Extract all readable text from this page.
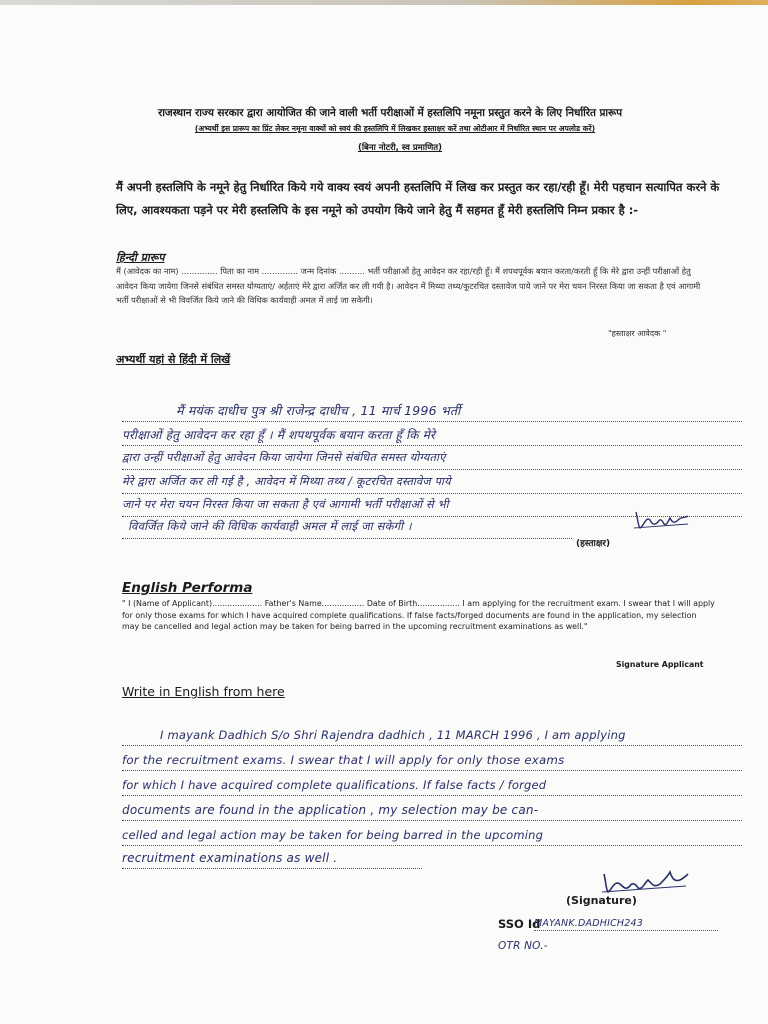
राजस्थान राज्य सरकार द्वारा आयोजित की जाने वाली भर्ती परीक्षाओं में हस्तलिपि नमूना प्रस्तुत करने के लिए निर्धारित प्रारूप
(अभ्यर्थी इस प्रारूप का प्रिंट लेकर नमूना वाक्यों को स्वयं की हस्तलिपि में लिखकर हस्ताक्षर करें तथा ओटीआर में निर्धारित स्थान पर अपलोड करें)
(बिना नोटरी, स्व प्रमाणित)
मैं अपनी हस्तलिपि के नमूने हेतु निर्धारित किये गये वाक्य स्वयं अपनी हस्तलिपि में लिख कर प्रस्तुत कर रहा/रही हूँ। मेरी पहचान सत्यापित करने के लिए, आवश्यकता पड़ने पर मेरी हस्तलिपि के इस नमूने को उपयोग किये जाने हेतु मैं सहमत हूँ मेरी हस्तलिपि निम्न प्रकार है :-
हिन्दी प्रारूप
मैं (आवेदक का नाम) .............. पिता का नाम .............. जन्म दिनांक .......... भर्ती परीक्षाओं हेतु आवेदन कर रहा/रही हूँ। मैं शपथपूर्वक बयान करता/करती हूँ कि मेरे द्वारा उन्हीं परीक्षाओं हेतु आवेदन किया जायेगा जिनसे संबंधित समस्त योग्यताएं/ अर्हताएं मेरे द्वारा अर्जित कर ली गयी है। आवेदन में मिथ्या तथ्य/कूटरचित दस्तावेज पाये जाने पर मेरा चयन निरस्त किया जा सकता है एवं आगामी भर्ती परीक्षाओं से भी विवर्जित किये जाने की विधिक कार्यवाही अमल में लाई जा सकेगी।
"हस्ताक्षर आवेदक "
अभ्यर्थी यहां से हिंदी में लिखें
मैं मयंक दाधीच पुत्र श्री राजेन्द्र दाधीच , 11 मार्च 1996 भर्ती
परीक्षाओं हेतु आवेदन कर रहा हूँ । मैं शपथपूर्वक बयान करता हूँ कि मेरे
द्वारा उन्हीं परीक्षाओं हेतु आवेदन किया जायेगा जिनसे संबंधित समस्त योग्यताएं
मेरे द्वारा अर्जित कर ली गई है , आवेदन में मिथ्या तथ्य / कूटरचित दस्तावेज पाये
जाने पर मेरा चयन निरस्त किया जा सकता है एवं आगामी भर्ती परीक्षाओं से भी
विवर्जित किये जाने की विधिक कार्यवाही अमल में लाई जा सकेगी ।
(हस्ताक्षर)
English Performa
" I (Name of Applicant).................... Father's Name................. Date of Birth................. I am applying for the recruitment exam. I swear that I will apply for only those exams for which I have acquired complete qualifications. If false facts/forged documents are found in the application, my selection may be cancelled and legal action may be taken for being barred in the upcoming recruitment examinations as well."
Signature Applicant
Write in English from here
I mayank Dadhich S/o Shri Rajendra dadhich , 11 MARCH 1996 , I am applying
for the recruitment exams. I swear that I will apply for only those exams
for which I have acquired complete qualifications. If false facts / forged
documents are found in the application , my selection may be can-
celled and legal action may be taken for being barred in the upcoming
recruitment examinations as well .
(Signature)
SSO Id
MAYANK.DADHICH243
OTR NO.-
